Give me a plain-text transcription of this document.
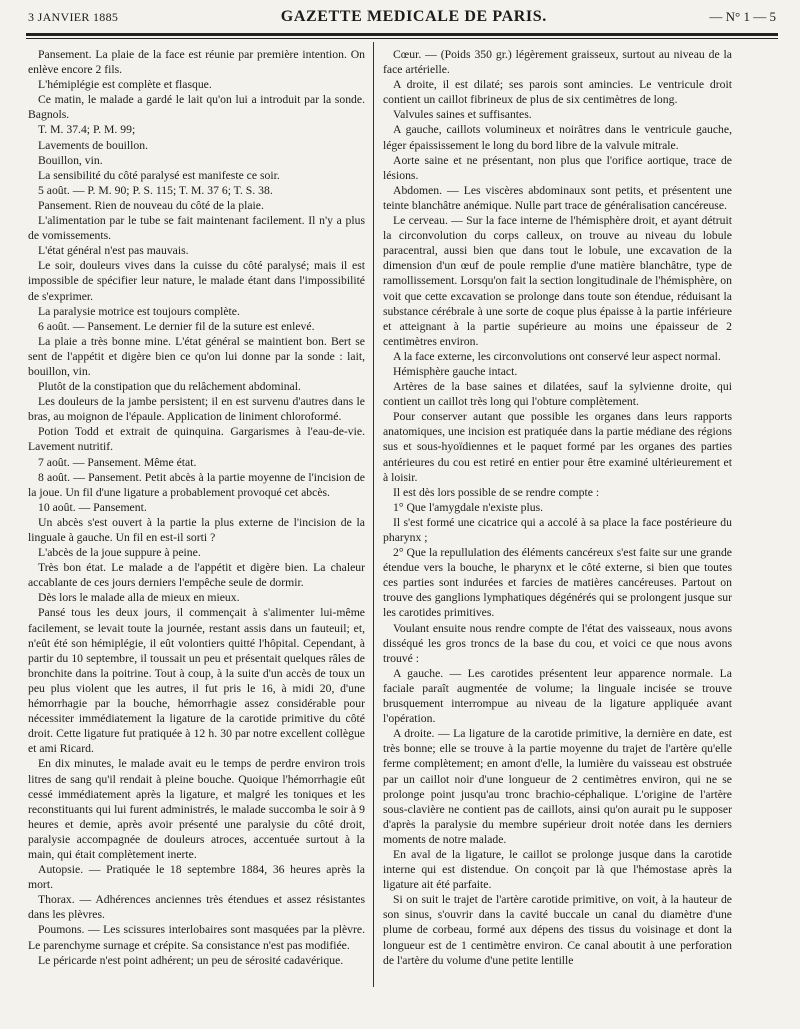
3 JANVIER 1885	GAZETTE MEDICALE DE PARIS.	— N° 1 — 5

Pansement. La plaie de la face est réunie par première intention. On enlève encore 2 fils.

L'hémiplégie est complète et flasque.

Ce matin, le malade a gardé le lait qu'on lui a introduit par la sonde. Bagnols.

T. M. 37.4; P. M. 99;

Lavements de bouillon.

Bouillon, vin.

La sensibilité du côté paralysé est manifeste ce soir.

5 août. — P. M. 90; P. S. 115; T. M. 37 6; T. S. 38.

Pansement. Rien de nouveau du côté de la plaie.

L'alimentation par le tube se fait maintenant facilement. Il n'y a plus de vomissements.

L'état général n'est pas mauvais.

Le soir, douleurs vives dans la cuisse du côté paralysé; mais il est impossible de spécifier leur nature, le malade étant dans l'impossibilité de s'exprimer.

La paralysie motrice est toujours complète.

6 août. — Pansement. Le dernier fil de la suture est enlevé.

La plaie a très bonne mine. L'état général se maintient bon. Bert se sent de l'appétit et digère bien ce qu'on lui donne par la sonde : lait, bouillon, vin.

Plutôt de la constipation que du relâchement abdominal.

Les douleurs de la jambe persistent; il en est survenu d'autres dans le bras, au moignon de l'épaule. Application de liniment chloroformé.

Potion Todd et extrait de quinquina. Gargarismes à l'eau-de-vie. Lavement nutritif.

7 août. — Pansement. Même état.

8 août. — Pansement. Petit abcès à la partie moyenne de l'incision de la joue. Un fil d'une ligature a probablement provoqué cet abcès.

10 août. — Pansement.

Un abcès s'est ouvert à la partie la plus externe de l'incision de la linguale à gauche. Un fil en est-il sorti ?

L'abcès de la joue suppure à peine.

Très bon état. Le malade a de l'appétit et digère bien. La chaleur accablante de ces jours derniers l'empêche seule de dormir.

Dès lors le malade alla de mieux en mieux.

Pansé tous les deux jours, il commençait à s'alimenter lui-même facilement, se levait toute la journée, restant assis dans un fauteuil; et, n'eût été son hémiplégie, il eût volontiers quitté l'hôpital. Cependant, à partir du 10 septembre, il toussait un peu et présentait quelques râles de bronchite dans la poitrine. Tout à coup, à la suite d'un accès de toux un peu plus violent que les autres, il fut pris le 16, à midi 20, d'une hémorrhagie par la bouche, hémorrhagie assez considérable pour nécessiter immédiatement la ligature de la carotide primitive du côté droit. Cette ligature fut pratiquée à 12 h. 30 par notre excellent collègue et ami Ricard.

En dix minutes, le malade avait eu le temps de perdre environ trois litres de sang qu'il rendait à pleine bouche. Quoique l'hémorrhagie eût cessé immédiatement après la ligature, et malgré les toniques et les reconstituants qui lui furent administrés, le malade succomba le soir à 9 heures et demie, après avoir présenté une paralysie du côté droit, paralysie accompagnée de douleurs atroces, accentuée surtout à la main, qui était complètement inerte.

Autopsie. — Pratiquée le 18 septembre 1884, 36 heures après la mort.

Thorax. — Adhérences anciennes très étendues et assez résistantes dans les plèvres.

Poumons. — Les scissures interlobaires sont masquées par la plèvre. Le parenchyme surnage et crépite. Sa consistance n'est pas modifiée.

Le péricarde n'est point adhérent; un peu de sérosité cadavérique.

Cœur. — (Poids 350 gr.) légèrement graisseux, surtout au niveau de la face artérielle.

A droite, il est dilaté; ses parois sont amincies. Le ventricule droit contient un caillot fibrineux de plus de six centimètres de long.

Valvules saines et suffisantes.

A gauche, caillots volumineux et noirâtres dans le ventricule gauche, léger épaississement le long du bord libre de la valvule mitrale.

Aorte saine et ne présentant, non plus que l'orifice aortique, trace de lésions.

Abdomen. — Les viscères abdominaux sont petits, et présentent une teinte blanchâtre anémique. Nulle part trace de généralisation cancéreuse.

Le cerveau. — Sur la face interne de l'hémisphère droit, et ayant détruit la circonvolution du corps calleux, on trouve au niveau du lobule paracentral, aussi bien que dans tout le lobule, une excavation de la dimension d'un œuf de poule remplie d'une matière blanchâtre, type de ramollissement. Lorsqu'on fait la section longitudinale de l'hémisphère, on voit que cette excavation se prolonge dans toute son étendue, réduisant la substance cérébrale à une sorte de coque plus épaisse à la partie inférieure et atteignant à la partie supérieure au moins une épaisseur de 2 centimètres environ.

A la face externe, les circonvolutions ont conservé leur aspect normal.

Hémisphère gauche intact.

Artères de la base saines et dilatées, sauf la sylvienne droite, qui contient un caillot très long qui l'obture complètement.

Pour conserver autant que possible les organes dans leurs rapports anatomiques, une incision est pratiquée dans la partie médiane des régions sus et sous-hyoïdiennes et le paquet formé par les organes des parties antérieures du cou est retiré en entier pour être examiné ultérieurement et à loisir.

Il est dès lors possible de se rendre compte :

1° Que l'amygdale n'existe plus.

Il s'est formé une cicatrice qui a accolé à sa place la face postérieure du pharynx ;

2° Que la repullulation des éléments cancéreux s'est faite sur une grande étendue vers la bouche, le pharynx et le côté externe, si bien que toutes ces parties sont indurées et farcies de matières cancéreuses. Partout on trouve des ganglions lymphatiques dégénérés qui se prolongent jusque sur les carotides primitives.

Voulant ensuite nous rendre compte de l'état des vaisseaux, nous avons disséqué les gros troncs de la base du cou, et voici ce que nous avons trouvé :

A gauche. — Les carotides présentent leur apparence normale. La faciale paraît augmentée de volume; la linguale incisée se trouve brusquement interrompue au niveau de la ligature appliquée avant l'opération.

A droite. — La ligature de la carotide primitive, la dernière en date, est très bonne; elle se trouve à la partie moyenne du trajet de l'artère qu'elle ferme complètement; en amont d'elle, la lumière du vaisseau est obstruée par un caillot noir d'une longueur de 2 centimètres environ, qui ne se prolonge point jusqu'au tronc brachio-céphalique. L'origine de l'artère sous-clavière ne contient pas de caillots, ainsi qu'on aurait pu le supposer d'après la paralysie du membre supérieur droit notée dans les derniers moments de notre malade.

En aval de la ligature, le caillot se prolonge jusque dans la carotide interne qui est distendue. On conçoit par là que l'hémostase après la ligature ait été parfaite.

Si on suit le trajet de l'artère carotide primitive, on voit, à la hauteur de son sinus, s'ouvrir dans la cavité buccale un canal du diamètre d'une plume de corbeau, formé aux dépens des tissus du voisinage et dont la longueur est de 1 centimètre environ. Ce canal aboutit à une perforation de l'artère du volume d'une petite lentille
